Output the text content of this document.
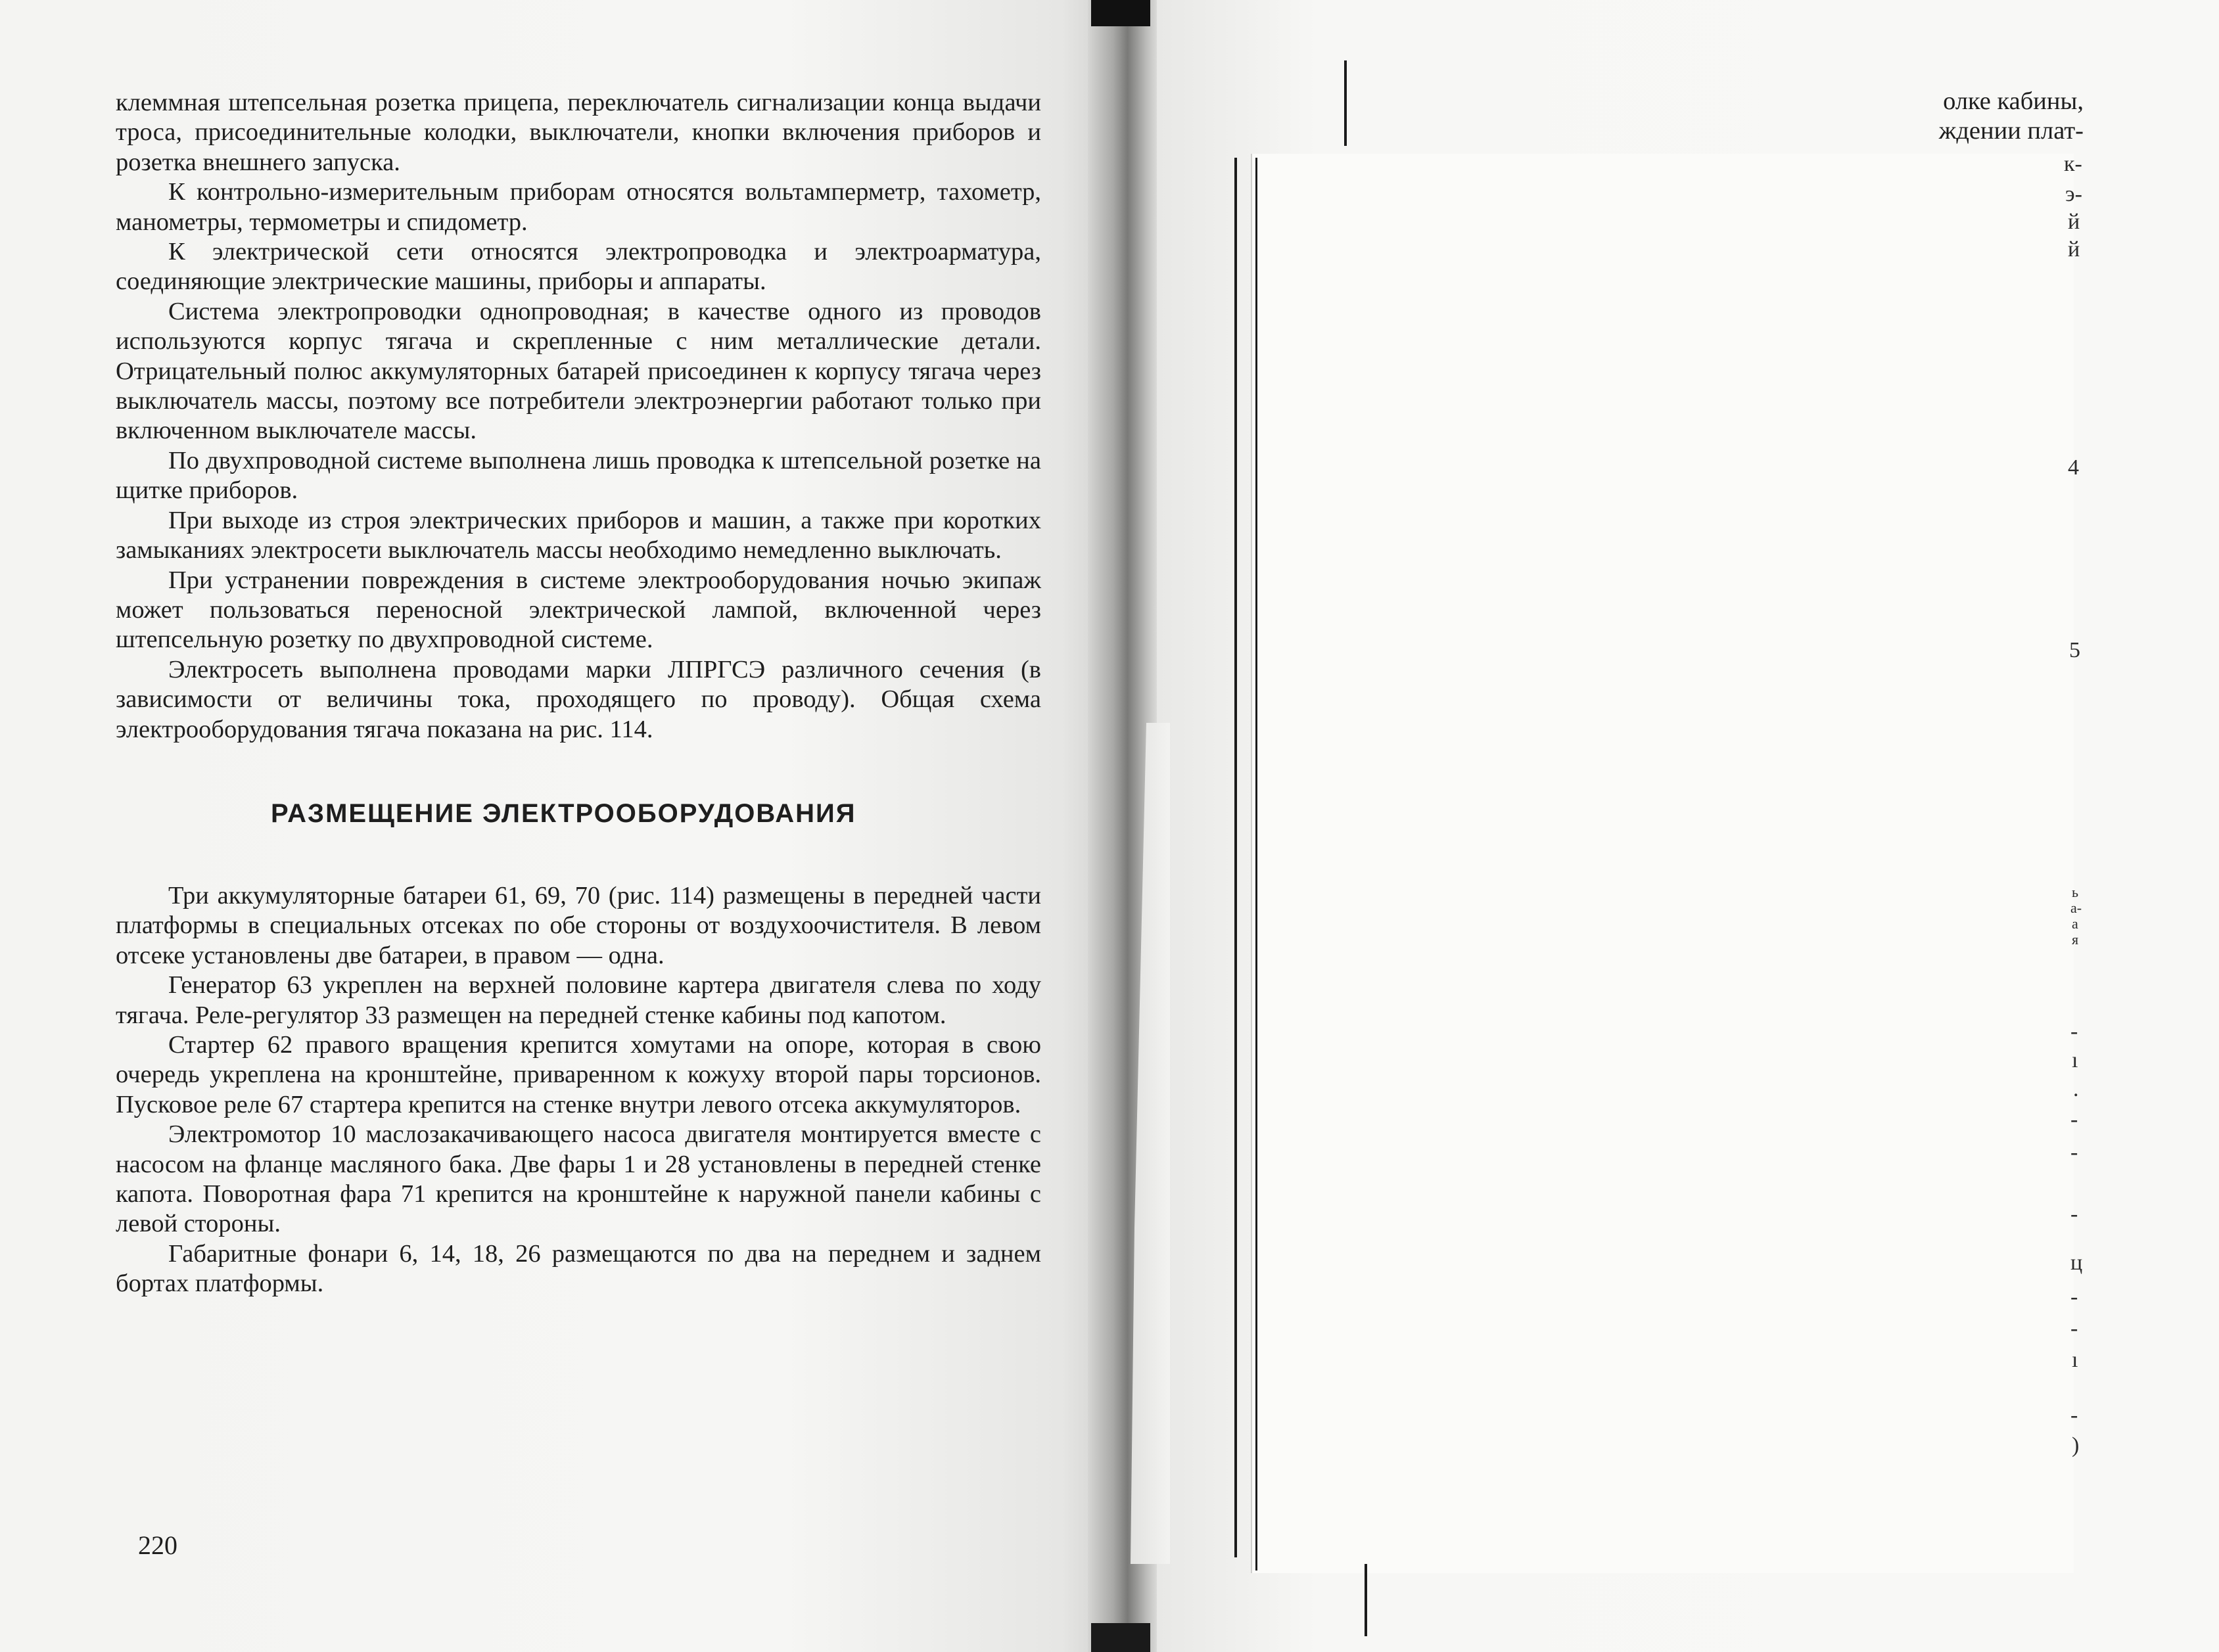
клеммная штепсельная розетка прицепа, переключатель сигнализации конца выдачи троса, присоединительные колодки, выключатели, кнопки включения приборов и розетка внешнего запуска.

К контрольно-измерительным приборам относятся вольтамперметр, тахометр, манометры, термометры и спидометр.

К электрической сети относятся электропроводка и электроарматура, соединяющие электрические машины, приборы и аппараты.

Система электропроводки однопроводная; в качестве одного из проводов используются корпус тягача и скрепленные с ним металлические детали. Отрицательный полюс аккумуляторных батарей присоединен к корпусу тягача через выключатель массы, поэтому все потребители электроэнергии работают только при включенном выключателе массы.

По двухпроводной системе выполнена лишь проводка к штепсельной розетке на щитке приборов.

При выходе из строя электрических приборов и машин, а также при коротких замыканиях электросети выключатель массы необходимо немедленно выключать.

При устранении повреждения в системе электрооборудования ночью экипаж может пользоваться переносной электрической лампой, включенной через штепсельную розетку по двухпроводной системе.

Электросеть выполнена проводами марки ЛПРГСЭ различного сечения (в зависимости от величины тока, проходящего по проводу). Общая схема электрооборудования тягача показана на рис. 114.

РАЗМЕЩЕНИЕ ЭЛЕКТРООБОРУДОВАНИЯ

Три аккумуляторные батареи 61, 69, 70 (рис. 114) размещены в передней части платформы в специальных отсеках по обе стороны от воздухоочистителя. В левом отсеке установлены две батареи, в правом — одна.

Генератор 63 укреплен на верхней половине картера двигателя слева по ходу тягача. Реле-регулятор 33 размещен на передней стенке кабины под капотом.

Стартер 62 правого вращения крепится хомутами на опоре, которая в свою очередь укреплена на кронштейне, приваренном к кожуху второй пары торсионов. Пусковое реле 67 стартера крепится на стенке внутри левого отсека аккумуляторов.

Электромотор 10 маслозакачивающего насоса двигателя монтируется вместе с насосом на фланце масляного бака. Две фары 1 и 28 установлены в передней стенке капота. Поворотная фара 71 крепится на кронштейне к наружной панели кабины с левой стороны.

Габаритные фонари 6, 14, 18, 26 размещаются по два на переднем и заднем бортах платформы.

220
олке кабины,
ждении плат-
к-
э-
й
й
4
5
ь
а-
а
я
-
ı
.
-
-
-
ц
-
-
ı
-
)
